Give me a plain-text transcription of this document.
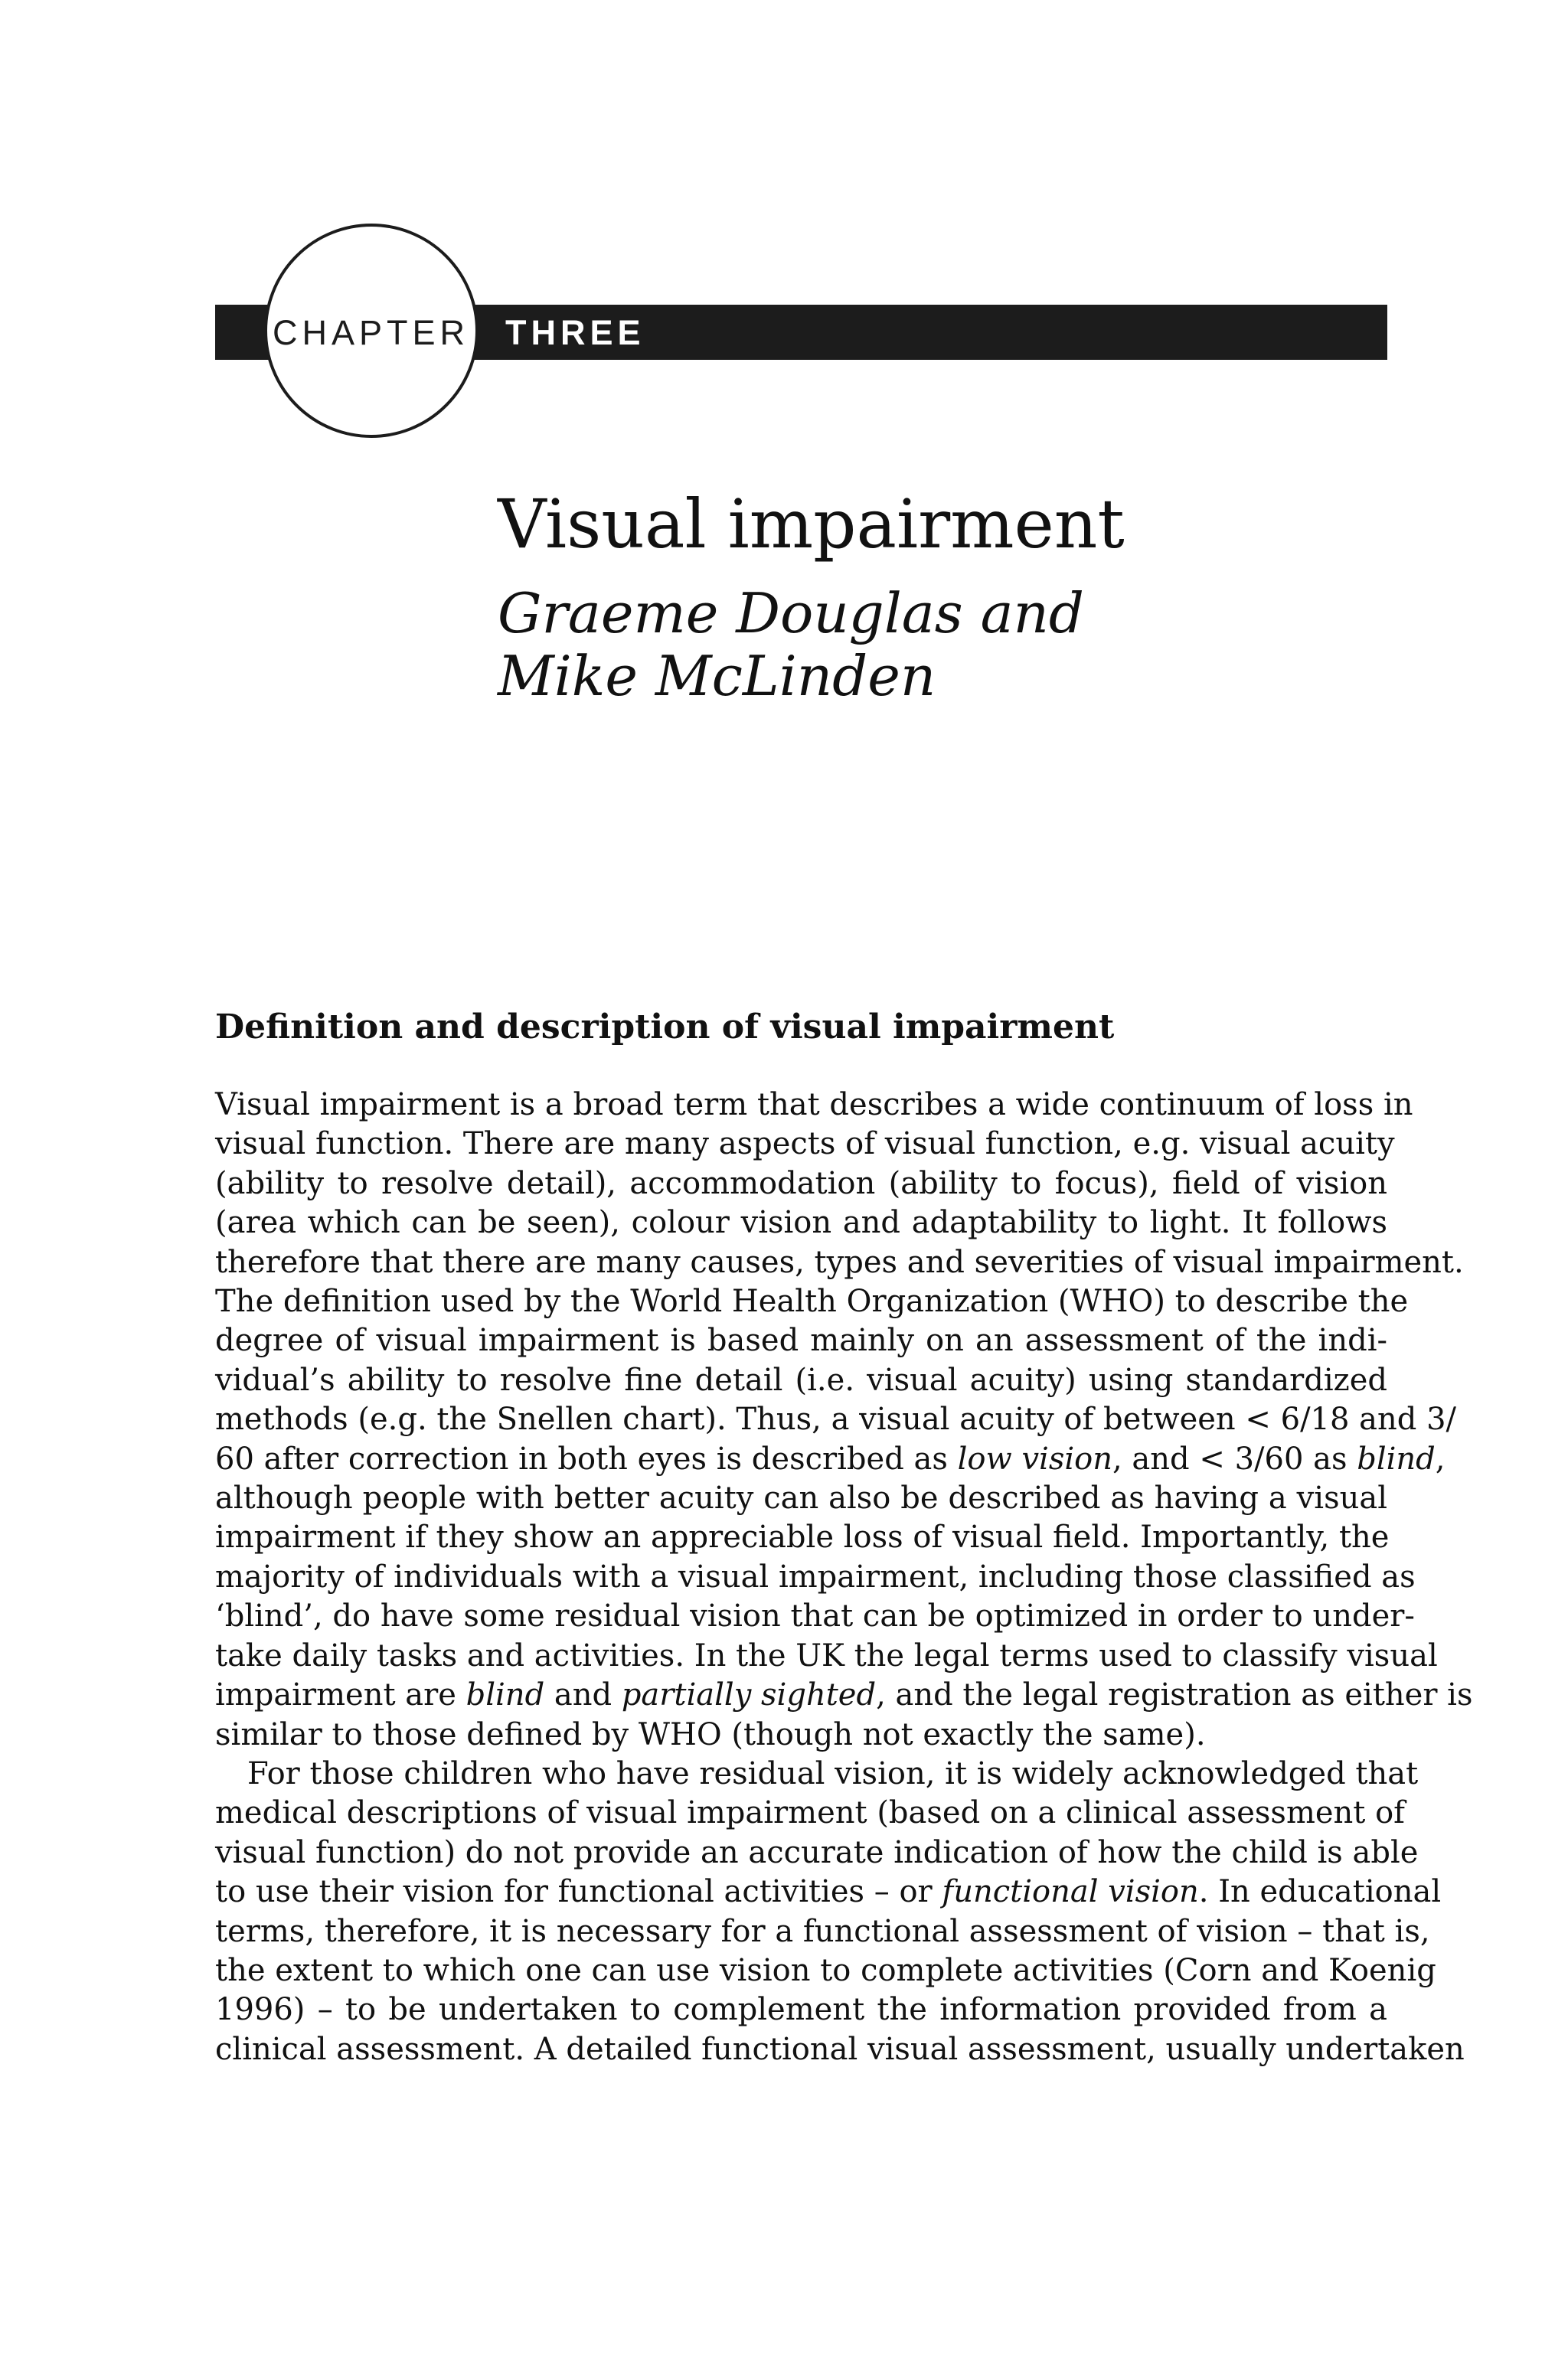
CHAPTER THREE
Visual impairment
Graeme Douglas and
Mike McLinden
Definition and description of visual impairment
Visual impairment is a broad term that describes a wide continuum of loss in
visual function. There are many aspects of visual function, e.g. visual acuity
(ability to resolve detail), accommodation (ability to focus), field of vision
(area which can be seen), colour vision and adaptability to light. It follows
therefore that there are many causes, types and severities of visual impairment.
The definition used by the World Health Organization (WHO) to describe the
degree of visual impairment is based mainly on an assessment of the indi-
vidual’s ability to resolve fine detail (i.e. visual acuity) using standardized
methods (e.g. the Snellen chart). Thus, a visual acuity of between < 6/18 and 3/
60 after correction in both eyes is described as low vision, and < 3/60 as blind,
although people with better acuity can also be described as having a visual
impairment if they show an appreciable loss of visual field. Importantly, the
majority of individuals with a visual impairment, including those classified as
‘blind’, do have some residual vision that can be optimized in order to under-
take daily tasks and activities. In the UK the legal terms used to classify visual
impairment are blind and partially sighted, and the legal registration as either is
similar to those defined by WHO (though not exactly the same).
For those children who have residual vision, it is widely acknowledged that
medical descriptions of visual impairment (based on a clinical assessment of
visual function) do not provide an accurate indication of how the child is able
to use their vision for functional activities – or functional vision. In educational
terms, therefore, it is necessary for a functional assessment of vision – that is,
the extent to which one can use vision to complete activities (Corn and Koenig
1996) – to be undertaken to complement the information provided from a
clinical assessment. A detailed functional visual assessment, usually undertaken
